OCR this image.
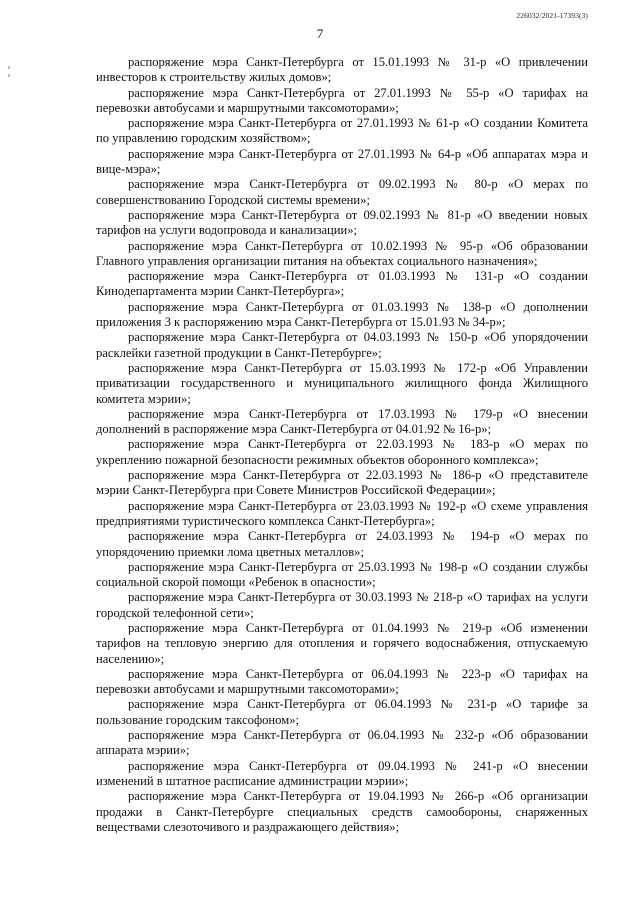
226032/2021-17393(3)
7

распоряжение мэра Санкт-Петербурга от 15.01.1993 № 31-р «О привлечении инвесторов к строительству жилых домов»;

распоряжение мэра Санкт-Петербурга от 27.01.1993 № 55-р «О тарифах на перевозки автобусами и маршрутными таксомоторами»;

распоряжение мэра Санкт-Петербурга от 27.01.1993 № 61-р «О создании Комитета по управлению городским хозяйством»;

распоряжение мэра Санкт-Петербурга от 27.01.1993 № 64-р «Об аппаратах мэра и вице-мэра»;

распоряжение мэра Санкт-Петербурга от 09.02.1993 № 80-р «О мерах по совершенствованию Городской системы времени»;

распоряжение мэра Санкт-Петербурга от 09.02.1993 № 81-р «О введении новых тарифов на услуги водопровода и канализации»;

распоряжение мэра Санкт-Петербурга от 10.02.1993 № 95-р «Об образовании Главного управления организации питания на объектах социального назначения»;

распоряжение мэра Санкт-Петербурга от 01.03.1993 № 131-р «О создании Кинодепартамента мэрии Санкт-Петербурга»;

распоряжение мэра Санкт-Петербурга от 01.03.1993 № 138-р «О дополнении приложения 3 к распоряжению мэра Санкт-Петербурга от 15.01.93 № 34-р»;

распоряжение мэра Санкт-Петербурга от 04.03.1993 № 150-р «Об упорядочении расклейки газетной продукции в Санкт-Петербурге»;

распоряжение мэра Санкт-Петербурга от 15.03.1993 № 172-р «Об Управлении приватизации государственного и муниципального жилищного фонда Жилищного комитета мэрии»;

распоряжение мэра Санкт-Петербурга от 17.03.1993 № 179-р «О внесении дополнений в распоряжение мэра Санкт-Петербурга от 04.01.92 № 16-р»;

распоряжение мэра Санкт-Петербурга от 22.03.1993 № 183-р «О мерах по укреплению пожарной безопасности режимных объектов оборонного комплекса»;

распоряжение мэра Санкт-Петербурга от 22.03.1993 № 186-р «О представителе мэрии Санкт-Петербурга при Совете Министров Российской Федерации»;

распоряжение мэра Санкт-Петербурга от 23.03.1993 № 192-р «О схеме управления предприятиями туристического комплекса Санкт-Петербурга»;

распоряжение мэра Санкт-Петербурга от 24.03.1993 № 194-р «О мерах по упорядочению приемки лома цветных металлов»;

распоряжение мэра Санкт-Петербурга от 25.03.1993 № 198-р «О создании службы социальной скорой помощи «Ребенок в опасности»;

распоряжение мэра Санкт-Петербурга от 30.03.1993 № 218-р «О тарифах на услуги городской телефонной сети»;

распоряжение мэра Санкт-Петербурга от 01.04.1993 № 219-р «Об изменении тарифов на тепловую энергию для отопления и горячего водоснабжения, отпускаемую населению»;

распоряжение мэра Санкт-Петербурга от 06.04.1993 № 223-р «О тарифах на перевозки автобусами и маршрутными таксомоторами»;

распоряжение мэра Санкт-Петербурга от 06.04.1993 № 231-р «О тарифе за пользование городским таксофоном»;

распоряжение мэра Санкт-Петербурга от 06.04.1993 № 232-р «Об образовании аппарата мэрии»;

распоряжение мэра Санкт-Петербурга от 09.04.1993 № 241-р «О внесении изменений в штатное расписание администрации мэрии»;

распоряжение мэра Санкт-Петербурга от 19.04.1993 № 266-р «Об организации продажи в Санкт-Петербурге специальных средств самообороны, снаряженных веществами слезоточивого и раздражающего действия»;
